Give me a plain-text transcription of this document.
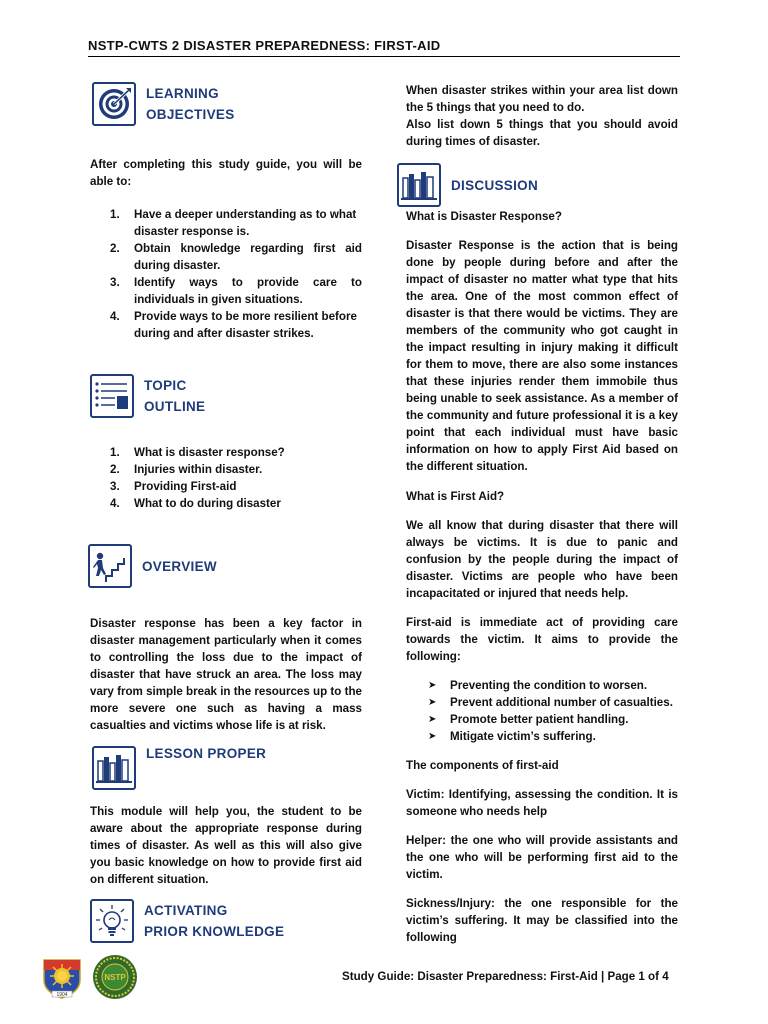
NSTP-CWTS 2 DISASTER PREPAREDNESS: FIRST-AID
LEARNING
OBJECTIVES

After completing this study guide, you will be able to:

1.	Have a deeper understanding as to what disaster response is.
2.	Obtain knowledge regarding first aid during disaster.
3.	Identify ways to provide care to individuals in given situations.
4.	Provide ways to be more resilient before during and after disaster strikes.
TOPIC
OUTLINE
1.	What is disaster response?
2.	Injuries within disaster.
3.	Providing First-aid
4.	What to do during disaster
OVERVIEW

Disaster response has been a key factor in disaster management particularly when it comes to controlling the loss due to the impact of disaster that have struck an area. The loss may vary from simple break in the resources up to the more severe one such as having a mass casualties and victims whose life is at risk.

LESSON PROPER

This module will help you, the student to be aware about the appropriate response during times of disaster. As well as this will also give you basic knowledge on how to provide first aid on different situation.

ACTIVATING
PRIOR KNOWLEDGE

When disaster strikes within your area list down the 5 things that you need to do.

Also list down 5 things that you should avoid during times of disaster.

DISCUSSION

What is Disaster Response?

Disaster Response is the action that is being done by people during before and after the impact of disaster no matter what type that hits the area. One of the most common effect of disaster is that there would be victims. They are members of the community who got caught in the impact resulting in injury making it difficult for them to move, there are also some instances that these injuries render them immobile thus being unable to seek assistance. As a member of the community and future professional it is a key point that each individual must have basic information on how to apply First Aid based on the different situation.

What is First Aid?

We all know that during disaster that there will always be victims. It is due to panic and confusion by the people during the impact of disaster. Victims are people who have been incapacitated or injured that needs help.

First-aid is immediate act of providing care towards the victim. It aims to provide the following:

➤	Preventing the condition to worsen.
➤	Prevent additional number of casualties.
➤	Promote better patient handling.
➤	Mitigate victim’s suffering.

The components of first-aid

Victim: Identifying, assessing the condition. It is someone who needs help

Helper: the one who will provide assistants and the one who will be performing first aid to the victim.

Sickness/Injury: the one responsible for the victim’s suffering. It may be classified into the following

1904
NSTP	Study Guide: Disaster Preparedness: First-Aid | Page 1 of 4
